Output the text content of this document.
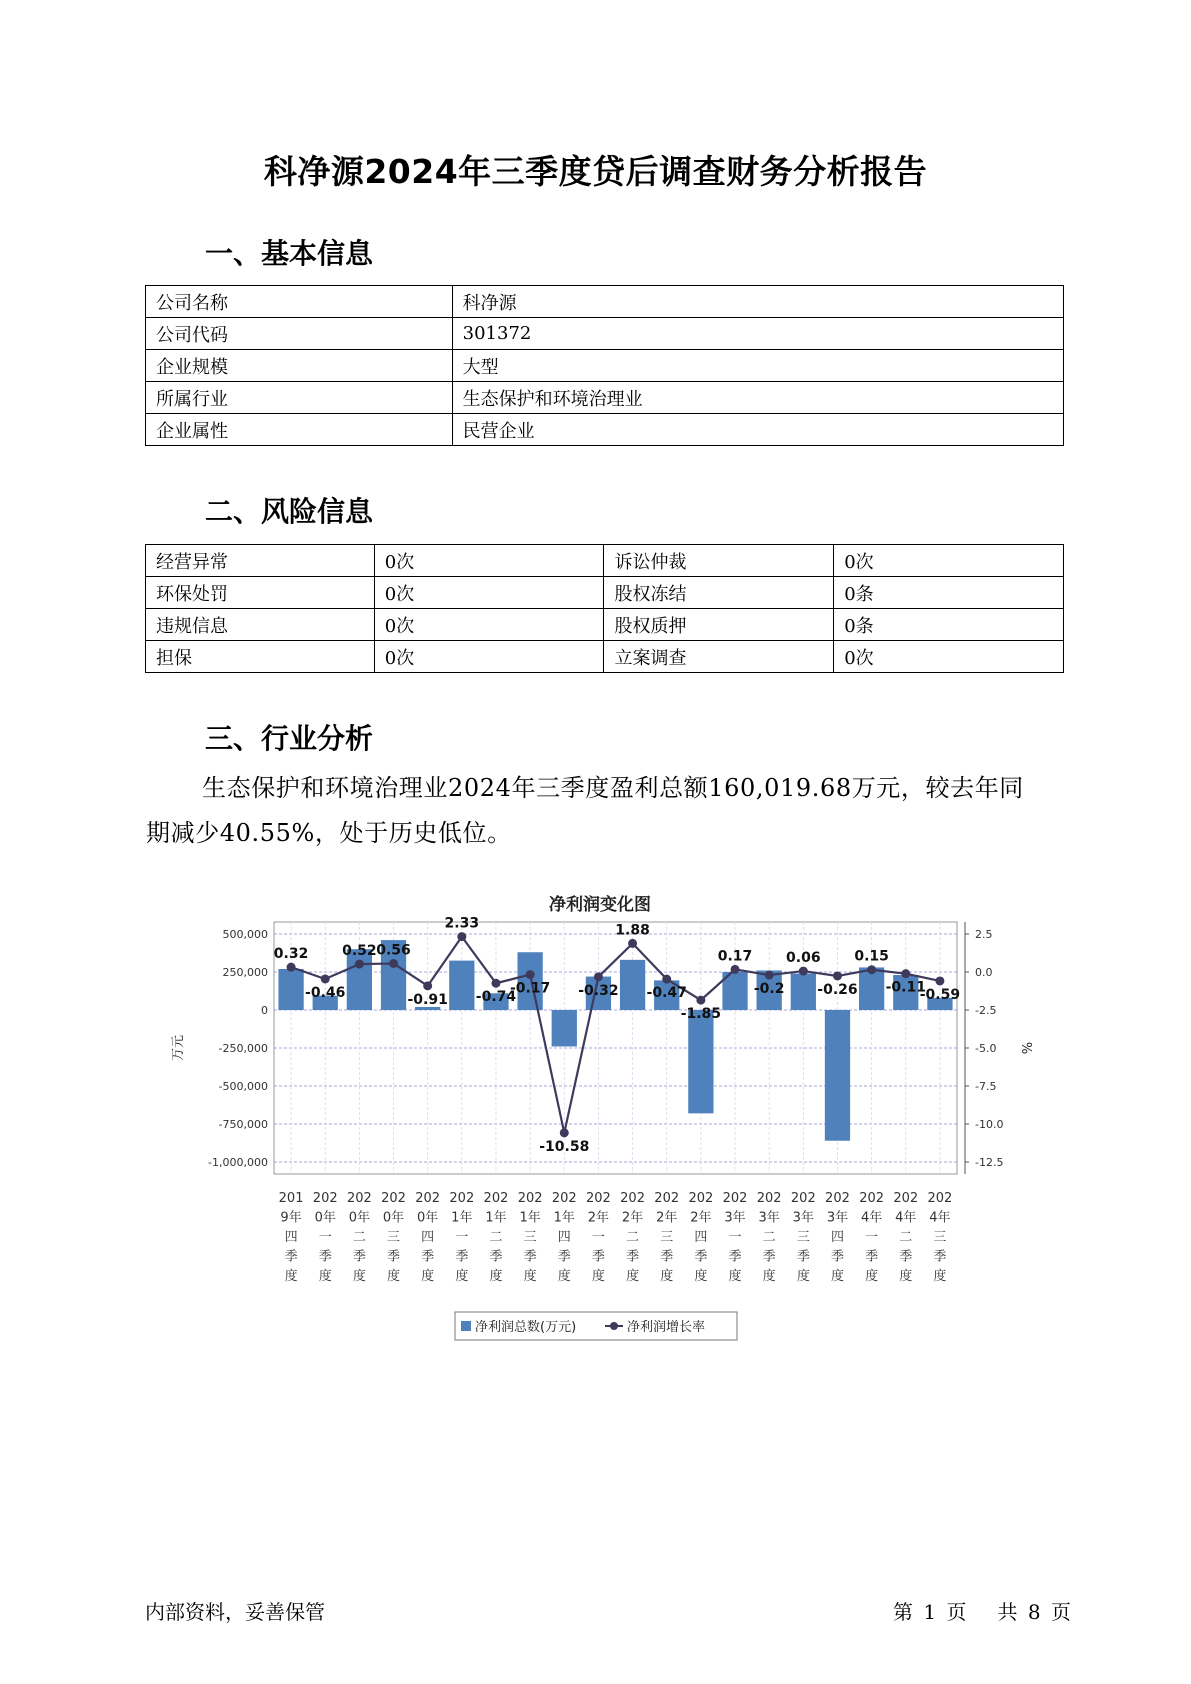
科净源2024年三季度贷后调查财务分析报告
一、基本信息
公司名称	科净源
公司代码	301372
企业规模	大型
所属行业	生态保护和环境治理业
企业属性	民营企业
二、风险信息
经营异常	0次	诉讼仲裁	0次
环保处罚	0次	股权冻结	0条
违规信息	0次	股权质押	0条
担保	0次	立案调查	0次
三、行业分析
生态保护和环境治理业2024年三季度盈利总额160,019.68万元，较去年同期减少40.55%，处于历史低位。
净利润变化图
500,000
250,000
0
-250,000
-500,000
-750,000
-1,000,000
2.5
0.0
-2.5
-5.0
-7.5
-10.0
-12.5
万元	%
0.32
-0.46
0.52 0.56
-0.91
2.33
-0.74
-0.17
-10.58
-0.32
1.88
-0.47
-1.85
0.17
-0.2
0.06
-0.26
0.15
-0.11
-0.59
201
9年
四
季
度
202
0年
一
季
度
202
0年
二
季
度
202
0年
三
季
度
202
0年
四
季
度
202
1年
一
季
度
202
1年
二
季
度
202
1年
三
季
度
202
1年
四
季
度
202
2年
一
季
度
202
2年
二
季
度
202
2年
三
季
度
202
2年
四
季
度
202
3年
一
季
度
202
3年
二
季
度
202
3年
三
季
度
202
3年
四
季
度
202
4年
一
季
度
202
4年
二
季
度
202
4年
三
季
度
净利润总数(万元)	净利润增长率
内部资料，妥善保管	第 1 页 共 8 页
